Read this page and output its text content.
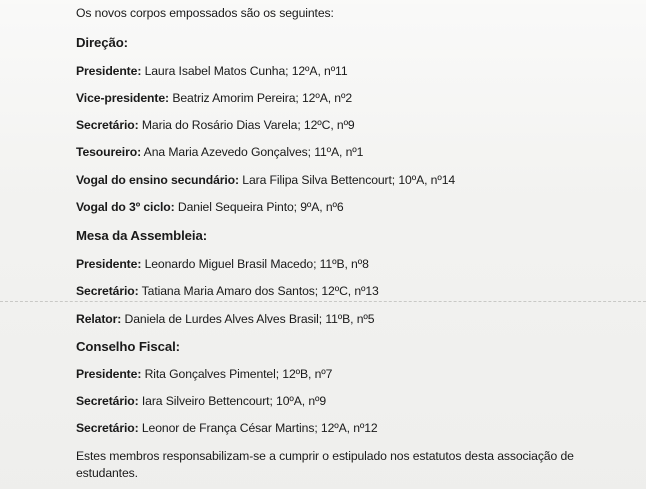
Os novos corpos empossados são os seguintes:
Direção:
Presidente: Laura Isabel Matos Cunha; 12ºA, nº11
Vice-presidente: Beatriz Amorim Pereira; 12ºA, nº2
Secretário: Maria do Rosário Dias Varela; 12ºC, nº9
Tesoureiro: Ana Maria Azevedo Gonçalves; 11ºA, nº1
Vogal do ensino secundário: Lara Filipa Silva Bettencourt; 10ºA, nº14
Vogal do 3º ciclo: Daniel Sequeira Pinto; 9ºA, nº6
Mesa da Assembleia:
Presidente: Leonardo Miguel Brasil Macedo; 11ºB, nº8
Secretário: Tatiana Maria Amaro dos Santos; 12ºC, nº13
Relator: Daniela de Lurdes Alves Alves Brasil; 11ºB, nº5
Conselho Fiscal:
Presidente: Rita Gonçalves Pimentel; 12ºB, nº7
Secretário: Iara Silveiro Bettencourt; 10ºA, nº9
Secretário: Leonor de França César Martins; 12ºA, nº12
Estes membros responsabilizam-se a cumprir o estipulado nos estatutos desta associação de estudantes.
